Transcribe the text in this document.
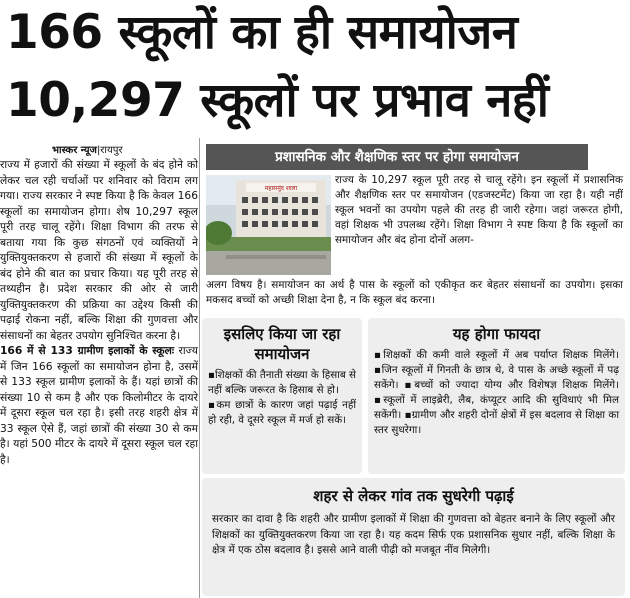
166 स्कूलों का ही समायोजन
10,297 स्कूलों पर प्रभाव नहीं
भास्कर न्यूज|रायपुर

राज्य में हजारों की संख्या में स्कूलों के बंद होने को लेकर चल रही चर्चाओं पर शनिवार को विराम लग गया। राज्य सरकार ने स्पष्ट किया है कि केवल 166 स्कूलों का समायोजन होगा। शेष 10,297 स्कूल पूरी तरह चालू रहेंगे। शिक्षा विभाग की तरफ से बताया गया कि कुछ संगठनों एवं व्यक्तियों ने युक्तियुक्तकरण से हजारों की संख्या में स्कूलों के बंद होने की बात का प्रचार किया। यह पूरी तरह से तथ्यहीन है। प्रदेश सरकार की ओर से जारी युक्तियुक्तकरण की प्रक्रिया का उद्देश्य किसी की पढ़ाई रोकना नहीं, बल्कि शिक्षा की गुणवत्ता और संसाधनों का बेहतर उपयोग सुनिश्चित करना है।

166 में से 133 ग्रामीण इलाकों के स्कूलः राज्य में जिन 166 स्कूलों का समायोजन होना है, उसमें से 133 स्कूल ग्रामीण इलाकों के हैं। यहां छात्रों की संख्या 10 से कम है और एक किलोमीटर के दायरे में दूसरा स्कूल चल रहा है। इसी तरह शहरी क्षेत्र में 33 स्कूल ऐसे हैं, जहां छात्रों की संख्या 30 से कम है। यहां 500 मीटर के दायरे में दूसरा स्कूल चल रहा है।

प्रशासनिक और शैक्षणिक स्तर पर होगा समायोजन
महासमुंद शाला
राज्य के 10,297 स्कूल पूरी तरह से चालू रहेंगे। इन स्कूलों में प्रशासनिक और शैक्षणिक स्तर पर समायोजन (एडजस्टमेंट) किया जा रहा है। यही नहीं स्कूल भवनों का उपयोग पहले की तरह ही जारी रहेगा। जहां जरूरत होगी, वहां शिक्षक भी उपलब्ध रहेंगे। शिक्षा विभाग ने स्पष्ट किया है कि स्कूलों का समायोजन और बंद होना दोनों अलग-
अलग विषय है। समायोजन का अर्थ है पास के स्कूलों को एकीकृत कर बेहतर संसाधनों का उपयोग। इसका मकसद बच्चों को अच्छी शिक्षा देना है, न कि स्कूल बंद करना।
इसलिए किया जा रहा समायोजन

▪शिक्षकों की तैनाती संख्या के हिसाब से नहीं बल्कि जरूरत के हिसाब से हो।

▪कम छात्रों के कारण जहां पढ़ाई नहीं हो रही, वे दूसरे स्कूल में मर्ज हो सकें।

यह होगा फायदा

▪शिक्षकों की कमी वाले स्कूलों में अब पर्याप्त शिक्षक मिलेंगे। ▪जिन स्कूलों में गिनती के छात्र थे, वे पास के अच्छे स्कूलों में पढ़ सकेंगे। ▪बच्चों को ज्यादा योग्य और विशेषज्ञ शिक्षक मिलेंगे। ▪स्कूलों में लाइब्रेरी, लैब, कंप्यूटर आदि की सुविधाएं भी मिल सकेंगी। ▪ग्रामीण और शहरी दोनों क्षेत्रों में इस बदलाव से शिक्षा का स्तर सुधरेगा।

शहर से लेकर गांव तक सुधरेगी पढ़ाई

सरकार का दावा है कि शहरी और ग्रामीण इलाकों में शिक्षा की गुणवत्ता को बेहतर बनाने के लिए स्कूलों और शिक्षकों का युक्तियुक्तकरण किया जा रहा है। यह कदम सिर्फ एक प्रशासनिक सुधार नहीं, बल्कि शिक्षा के क्षेत्र में एक ठोस बदलाव है। इससे आने वाली पीढ़ी को मजबूत नींव मिलेगी।
